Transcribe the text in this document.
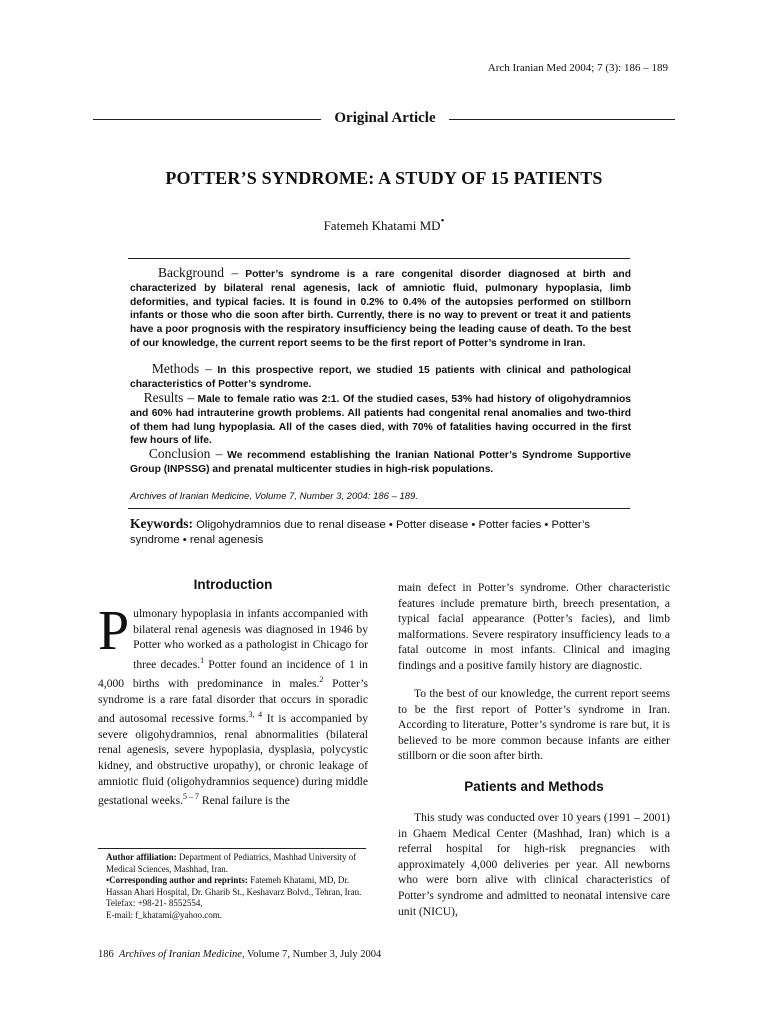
Arch Iranian Med 2004; 7 (3): 186 – 189
Original Article
POTTER’S SYNDROME: A STUDY OF 15 PATIENTS
Fatemeh Khatami MD•

Background – Potter’s syndrome is a rare congenital disorder diagnosed at birth and characterized by bilateral renal agenesis, lack of amniotic fluid, pulmonary hypoplasia, limb deformities, and typical facies. It is found in 0.2% to 0.4% of the autopsies performed on stillborn infants or those who die soon after birth. Currently, there is no way to prevent or treat it and patients have a poor prognosis with the respiratory insufficiency being the leading cause of death. To the best of our knowledge, the current report seems to be the first report of Potter’s syndrome in Iran.

Methods – In this prospective report, we studied 15 patients with clinical and pathological characteristics of Potter’s syndrome.

Results – Male to female ratio was 2:1. Of the studied cases, 53% had history of oligohydramnios and 60% had intrauterine growth problems. All patients had congenital renal anomalies and two-third of them had lung hypoplasia. All of the cases died, with 70% of fatalities having occurred in the first few hours of life.

Conclusion – We recommend establishing the Iranian National Potter’s Syndrome Supportive Group (INPSSG) and prenatal multicenter studies in high-risk populations.

Archives of Iranian Medicine, Volume 7, Number 3, 2004: 186 – 189.

Keywords: Oligohydramnios due to renal disease • Potter disease • Potter facies • Potter’s syndrome • renal agenesis

Introduction

Pulmonary hypoplasia in infants accompanied with bilateral renal agenesis was diagnosed in 1946 by Potter who worked as a pathologist in Chicago for three decades.$^1$ Potter found an incidence of 1 in 4,000 births with predominance in males.$^2$ Potter’s syndrome is a rare fatal disorder that occurs in sporadic and autosomal recessive forms.$^{3, 4}$ It is accompanied by severe oligohydramnios, renal abnormalities (bilateral renal agenesis, severe hypoplasia, dysplasia, polycystic kidney, and obstructive uropathy), or chronic leakage of amniotic fluid (oligohydramnios sequence) during middle gestational weeks.$^{5 - 7}$ Renal failure is the

main defect in Potter’s syndrome. Other characteristic features include premature birth, breech presentation, a typical facial appearance (Potter’s facies), and limb malformations. Severe respiratory insufficiency leads to a fatal outcome in most infants. Clinical and imaging findings and a positive family history are diagnostic.

To the best of our knowledge, the current report seems to be the first report of Potter’s syndrome in Iran. According to literature, Potter’s syndrome is rare but, it is believed to be more common because infants are either stillborn or die soon after birth.

Patients and Methods

This study was conducted over 10 years (1991 – 2001) in Ghaem Medical Center (Mashhad, Iran) which is a referral hospital for high-risk pregnancies with approximately 4,000 deliveries per year. All newborns who were born alive with clinical characteristics of Potter’s syndrome and admitted to neonatal intensive care unit (NICU),

Author affiliation: Department of Pediatrics, Mashhad University of Medical Sciences, Mashhad, Iran.
•Corresponding author and reprints: Fatemeh Khatami, MD, Dr. Hassan Ahari Hospital, Dr. Gharib St., Keshavarz Bolvd., Tehran, Iran. Telefax: +98-21- 8552554,
E-mail: f_khatami@yahoo.com.

186 Archives of Iranian Medicine, Volume 7, Number 3, July 2004
